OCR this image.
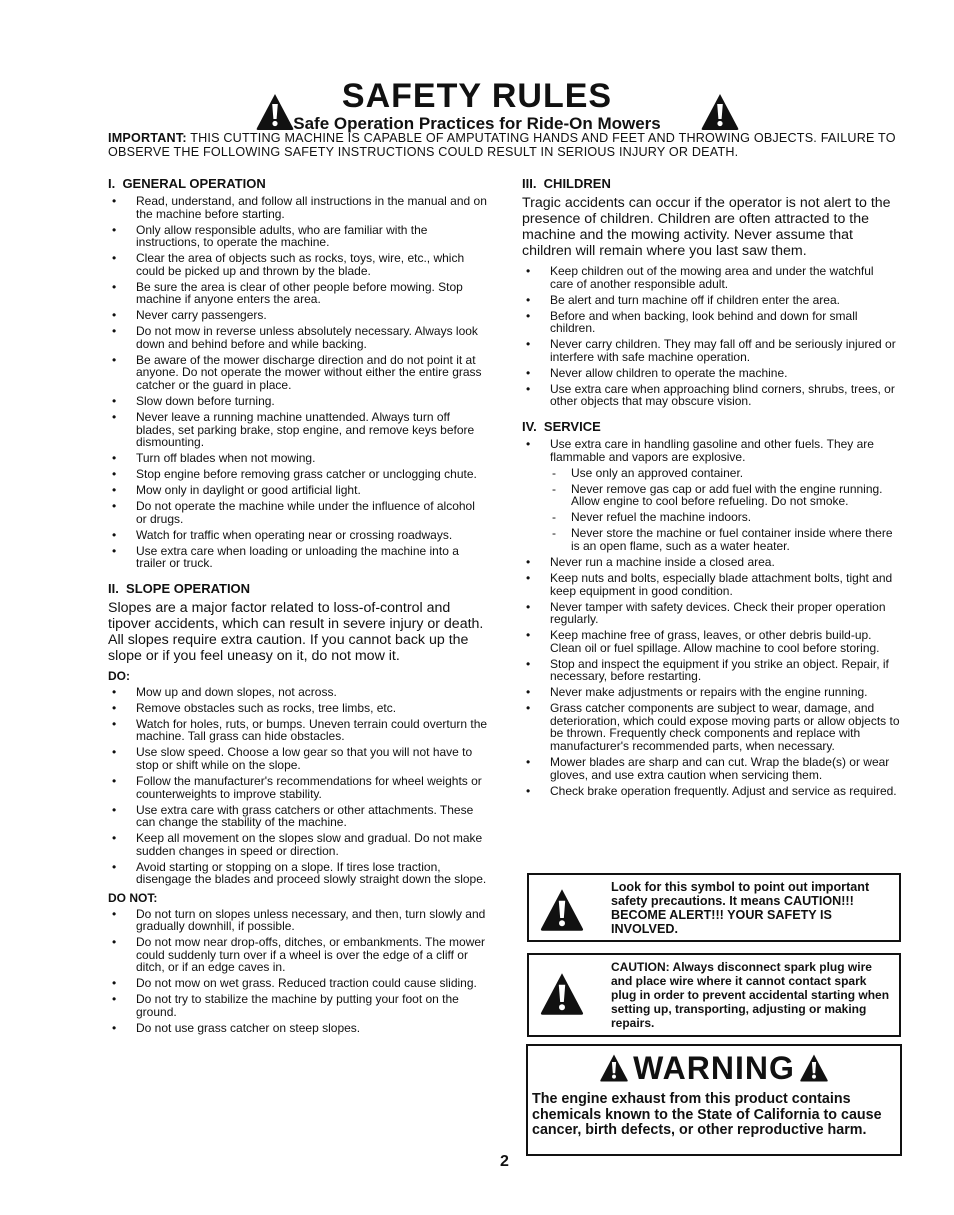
SAFETY RULES
Safe Operation Practices for Ride-On Mowers
IMPORTANT: THIS CUTTING MACHINE IS CAPABLE OF AMPUTATING HANDS AND FEET AND THROWING OBJECTS. FAILURE TO OBSERVE THE FOLLOWING SAFETY INSTRUCTIONS COULD RESULT IN SERIOUS INJURY OR DEATH.
I.  GENERAL OPERATION
• Read, understand, and follow all instructions in the manual and on the machine before starting.
• Only allow responsible adults, who are familiar with the instructions, to operate the machine.
• Clear the area of objects such as rocks, toys, wire, etc., which could be picked up and thrown by the blade.
• Be sure the area is clear of other people before mowing. Stop machine if anyone enters the area.
• Never carry passengers.
• Do not mow in reverse unless absolutely necessary. Always look down and behind before and while backing.
• Be aware of the mower discharge direction and do not point it at anyone. Do not operate the mower without either the entire grass catcher or the guard in place.
• Slow down before turning.
• Never leave a running machine unattended. Always turn off blades, set parking brake, stop engine, and remove keys before dismounting.
• Turn off blades when not mowing.
• Stop engine before removing grass catcher or unclogging chute.
• Mow only in daylight or good artificial light.
• Do not operate the machine while under the influence of alcohol or drugs.
• Watch for traffic when operating near or crossing roadways.
• Use extra care when loading or unloading the machine into a trailer or truck.
II.  SLOPE OPERATION
Slopes are a major factor related to loss-of-control and tipover accidents, which can result in severe injury or death. All slopes require extra caution. If you cannot back up the slope or if you feel uneasy on it, do not mow it.
DO:
• Mow up and down slopes, not across.
• Remove obstacles such as rocks, tree limbs, etc.
• Watch for holes, ruts, or bumps. Uneven terrain could overturn the machine. Tall grass can hide obstacles.
• Use slow speed. Choose a low gear so that you will not have to stop or shift while on the slope.
• Follow the manufacturer's recommendations for wheel weights or counterweights to improve stability.
• Use extra care with grass catchers or other attachments. These can change the stability of the machine.
• Keep all movement on the slopes slow and gradual. Do not make sudden changes in speed or direction.
• Avoid starting or stopping on a slope. If tires lose traction, disengage the blades and proceed slowly straight down the slope.
DO NOT:
• Do not turn on slopes unless necessary, and then, turn slowly and gradually downhill, if possible.
• Do not mow near drop-offs, ditches, or embankments. The mower could suddenly turn over if a wheel is over the edge of a cliff or ditch, or if an edge caves in.
• Do not mow on wet grass. Reduced traction could cause sliding.
• Do not try to stabilize the machine by putting your foot on the ground.
• Do not use grass catcher on steep slopes.
III.  CHILDREN
Tragic accidents can occur if the operator is not alert to the presence of children. Children are often attracted to the machine and the mowing activity. Never assume that children will remain where you last saw them.
• Keep children out of the mowing area and under the watchful care of another responsible adult.
• Be alert and turn machine off if children enter the area.
• Before and when backing, look behind and down for small children.
• Never carry children. They may fall off and be seriously injured or interfere with safe machine operation.
• Never allow children to operate the machine.
• Use extra care when approaching blind corners, shrubs, trees, or other objects that may obscure vision.
IV.  SERVICE
• Use extra care in handling gasoline and other fuels. They are flammable and vapors are explosive.
- Use only an approved container.
- Never remove gas cap or add fuel with the engine running. Allow engine to cool before refueling. Do not smoke.
- Never refuel the machine indoors.
- Never store the machine or fuel container inside where there is an open flame, such as a water heater.
• Never run a machine inside a closed area.
• Keep nuts and bolts, especially blade attachment bolts, tight and keep equipment in good condition.
• Never tamper with safety devices. Check their proper operation regularly.
• Keep machine free of grass, leaves, or other debris build-up. Clean oil or fuel spillage. Allow machine to cool before storing.
• Stop and inspect the equipment if you strike an object. Repair, if necessary, before restarting.
• Never make adjustments or repairs with the engine running.
• Grass catcher components are subject to wear, damage, and deterioration, which could expose moving parts or allow objects to be thrown. Frequently check components and replace with manufacturer's recommended parts, when necessary.
• Mower blades are sharp and can cut. Wrap the blade(s) or wear gloves, and use extra caution when servicing them.
• Check brake operation frequently. Adjust and service as required.
Look for this symbol to point out important safety precautions. It means CAUTION!!! BECOME ALERT!!! YOUR SAFETY IS INVOLVED.
CAUTION: Always disconnect spark plug wire and place wire where it cannot contact spark plug in order to prevent accidental starting when setting up, transporting, adjusting or making repairs.
WARNING
The engine exhaust from this product contains chemicals known to the State of California to cause cancer, birth defects, or other reproductive harm.
2
